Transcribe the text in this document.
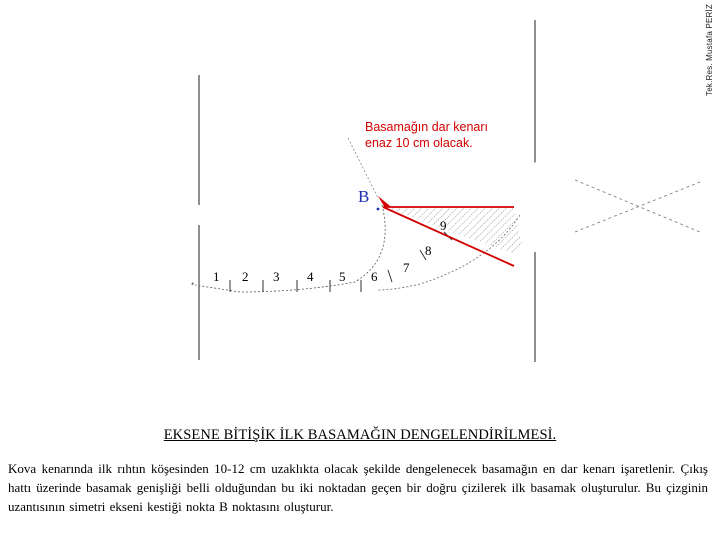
Tek.Res. Mustafa PERİZ
Basamağın dar kenarı
enaz 10 cm olacak.
B
1 2 3 4 5 6
7
8
9
•
EKSENE BİTİŞİK İLK BASAMAĞIN DENGELENDİRİLMESİ.
Kova kenarında ilk rıhtın köşesinden 10-12 cm uzaklıkta olacak şekilde dengelenecek basamağın en dar kenarı işaretlenir. Çıkış hattı üzerinde basamak genişliği belli olduğundan bu iki noktadan geçen bir doğru çizilerek ilk basamak oluşturulur. Bu çizginin uzantısının simetri ekseni kestiği nokta B noktasını oluşturur.
